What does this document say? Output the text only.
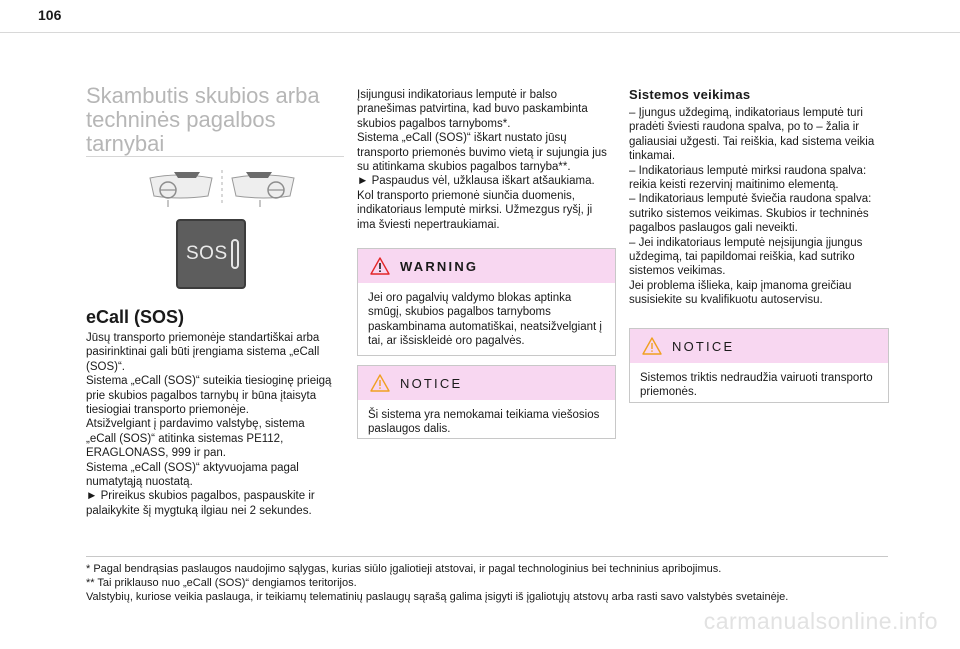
106
Skambutis skubios arba
techninės pagalbos
tarnybai
SOS
eCall (SOS)
Jūsų transporto priemonėje standartiškai arba
pasirinktinai gali būti įrengiama sistema „eCall
(SOS)“.
Sistema „eCall (SOS)“ suteikia tiesioginę prieigą
prie skubios pagalbos tarnybų ir būna įtaisyta
tiesiogiai transporto priemonėje.
Atsižvelgiant į pardavimo valstybę, sistema
„eCall (SOS)“ atitinka sistemas PE112,
ERAGLONASS, 999 ir pan.
Sistema „eCall (SOS)“ aktyvuojama pagal
numatytąją nuostatą.
► Prireikus skubios pagalbos, paspauskite ir
palaikykite šį mygtuką ilgiau nei 2 sekundes.
Įsijungusi indikatoriaus lemputė ir balso
pranešimas patvirtina, kad buvo paskambinta
skubios pagalbos tarnyboms*.
Sistema „eCall (SOS)“ iškart nustato jūsų
transporto priemonės buvimo vietą ir sujungia jus
su atitinkama skubios pagalbos tarnyba**.
► Paspaudus vėl, užklausa iškart atšaukiama.
Kol transporto priemonė siunčia duomenis,
indikatoriaus lemputė mirksi. Užmezgus ryšį, ji
ima šviesti nepertraukiamai.
WARNING
Jei oro pagalvių valdymo blokas aptinka
smūgį, skubios pagalbos tarnyboms
paskambinama automatiškai, neatsižvelgiant į
tai, ar išsiskleidė oro pagalvės.
NOTICE
Ši sistema yra nemokamai teikiama viešosios
paslaugos dalis.
Sistemos veikimas
– Įjungus uždegimą, indikatoriaus lemputė turi
pradėti šviesti raudona spalva, po to – žalia ir
galiausiai užgesti. Tai reiškia, kad sistema veikia
tinkamai.
– Indikatoriaus lemputė mirksi raudona spalva:
reikia keisti rezervinį maitinimo elementą.
– Indikatoriaus lemputė šviečia raudona spalva:
sutriko sistemos veikimas. Skubios ir techninės
pagalbos paslaugos gali neveikti.
– Jei indikatoriaus lemputė neįsijungia įjungus
uždegimą, tai papildomai reiškia, kad sutriko
sistemos veikimas.
Jei problema išlieka, kaip įmanoma greičiau
susisiekite su kvalifikuotu autoservisu.
NOTICE
Sistemos triktis nedraudžia vairuoti transporto
priemonės.
* Pagal bendrąsias paslaugos naudojimo sąlygas, kurias siūlo įgaliotieji atstovai, ir pagal technologinius bei techninius apribojimus.
** Tai priklauso nuo „eCall (SOS)“ dengiamos teritorijos.
Valstybių, kuriose veikia paslauga, ir teikiamų telematinių paslaugų sąrašą galima įsigyti iš įgaliotųjų atstovų arba rasti savo valstybės svetainėje.
carmanualsonline.info
